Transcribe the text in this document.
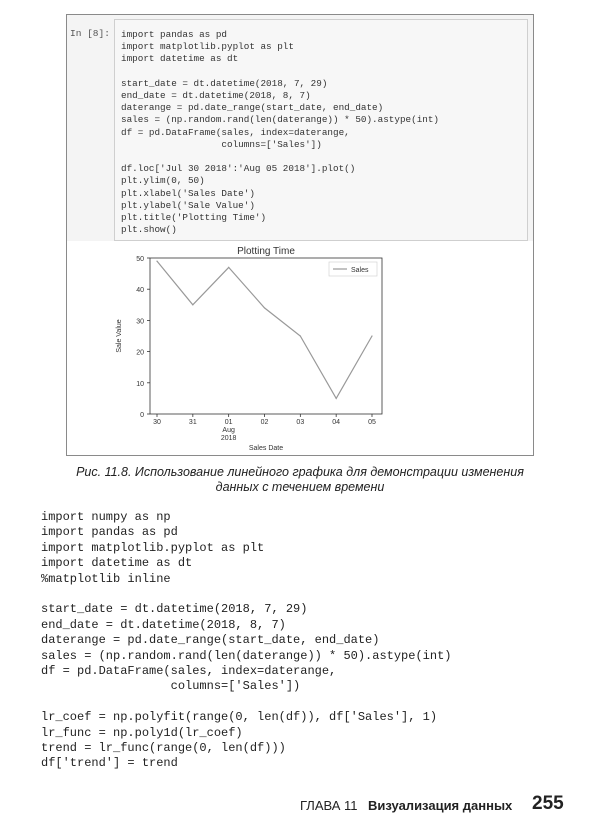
In [8]: import pandas as pd
import matplotlib.pyplot as plt
import datetime as dt
start_date = dt.datetime(2018, 7, 29)
end_date = dt.datetime(2018, 8, 7)
daterange = pd.date_range(start_date, end_date)
sales = (np.random.rand(len(daterange)) * 50).astype(int)
df = pd.DataFrame(sales, index=daterange,
columns=['Sales'])
df.loc['Jul 30 2018':'Aug 05 2018'].plot()
plt.ylim(0, 50)
plt.xlabel('Sales Date')
plt.ylabel('Sale Value')
plt.title('Plotting Time')
plt.show()
Plotting Time
0
10
20
30
40
50
Sale Value
30	31	01	02	03	04	05
Aug
2018
Sales Date
Sales
Рис. 11.8. Использование линейного графика для демонстрации изменения
данных с течением времени
import numpy as np
import pandas as pd
import matplotlib.pyplot as plt
import datetime as dt
%matplotlib inline
start_date = dt.datetime(2018, 7, 29)
end_date = dt.datetime(2018, 8, 7)
daterange = pd.date_range(start_date, end_date)
sales = (np.random.rand(len(daterange)) * 50).astype(int)
df = pd.DataFrame(sales, index=daterange,
columns=['Sales'])
lr_coef = np.polyfit(range(0, len(df)), df['Sales'], 1)
lr_func = np.poly1d(lr_coef)
trend = lr_func(range(0, len(df)))
df['trend'] = trend
ГЛАВА 11 Визуализация данных 255
